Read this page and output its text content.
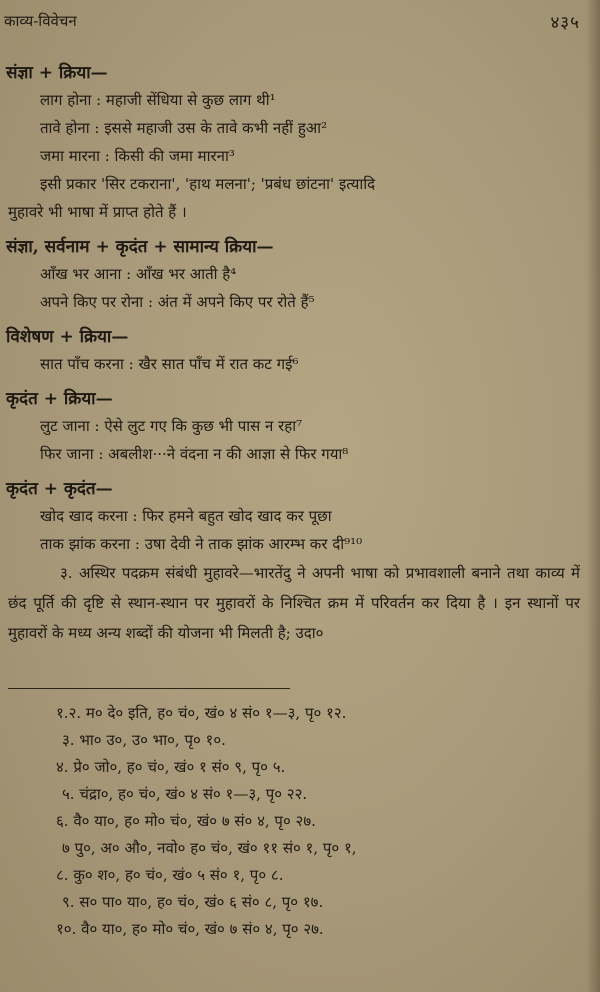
काव्य-विवेचन	४३५
संज्ञा + क्रिया—
लाग होना : महाजी सेंधिया से कुछ लाग थी¹
तावे होना : इससे महाजी उस के तावे कभी नहीं हुआ²
जमा मारना : किसी की जमा मारना³
इसी प्रकार 'सिर टकराना', 'हाथ मलना'; 'प्रबंध छांटना' इत्यादि
मुहावरे भी भाषा में प्राप्त होते हैं ।
संज्ञा, सर्वनाम + कृदंत + सामान्य क्रिया—
आँख भर आना : आँख भर आती है⁴
अपने किए पर रोना : अंत में अपने किए पर रोते हैं⁵
विशेषण + क्रिया—
सात पाँच करना : खैर सात पाँच में रात कट गई⁶
कृदंत + क्रिया—
लुट जाना : ऐसे लुट गए कि कुछ भी पास न रहा⁷
फिर जाना : अबलीश···ने वंदना न की आज्ञा से फिर गया⁸
कृदंत + कृदंत—
खोद खाद करना : फिर हमने बहुत खोद खाद कर पूछा
ताक झांक करना : उषा देवी ने ताक झांक आरम्भ कर दी⁹¹⁰
३. अस्थिर पदक्रम संबंधी मुहावरे—भारतेंदु ने अपनी भाषा को प्रभावशाली बनाने तथा काव्य में छंद पूर्ति की दृष्टि से स्थान-स्थान पर मुहावरों के निश्चित क्रम में परिवर्तन कर दिया है । इन स्थानों पर मुहावरों के मध्य अन्य शब्दों की योजना भी मिलती है; उदा०
१.२. म० दे० इति, ह० चं०, खं० ४ सं० १—३, पृ० १२.
३. भा० उ०, उ० भा०, पृ० १०.
४. प्रे० जो०, ह० चं०, खं० १ सं० ९, पृ० ५.
५. चंद्रा०, ह० चं०, खं० ४ सं० १—३, पृ० २२.
६. वै० या०, ह० मो० चं०, खं० ७ सं० ४, पृ० २७.
७ पु०, अ० औ०, नवो० ह० चं०, खं० ११ सं० १, पृ० १,
८. कु० श०, ह० चं०, खं० ५ सं० १, पृ० ८.
९. स० पा० या०, ह० चं०, खं० ६ सं० ८, पृ० १७.
१०. वै० या०, ह० मो० चं०, खं० ७ सं० ४, पृ० २७.
